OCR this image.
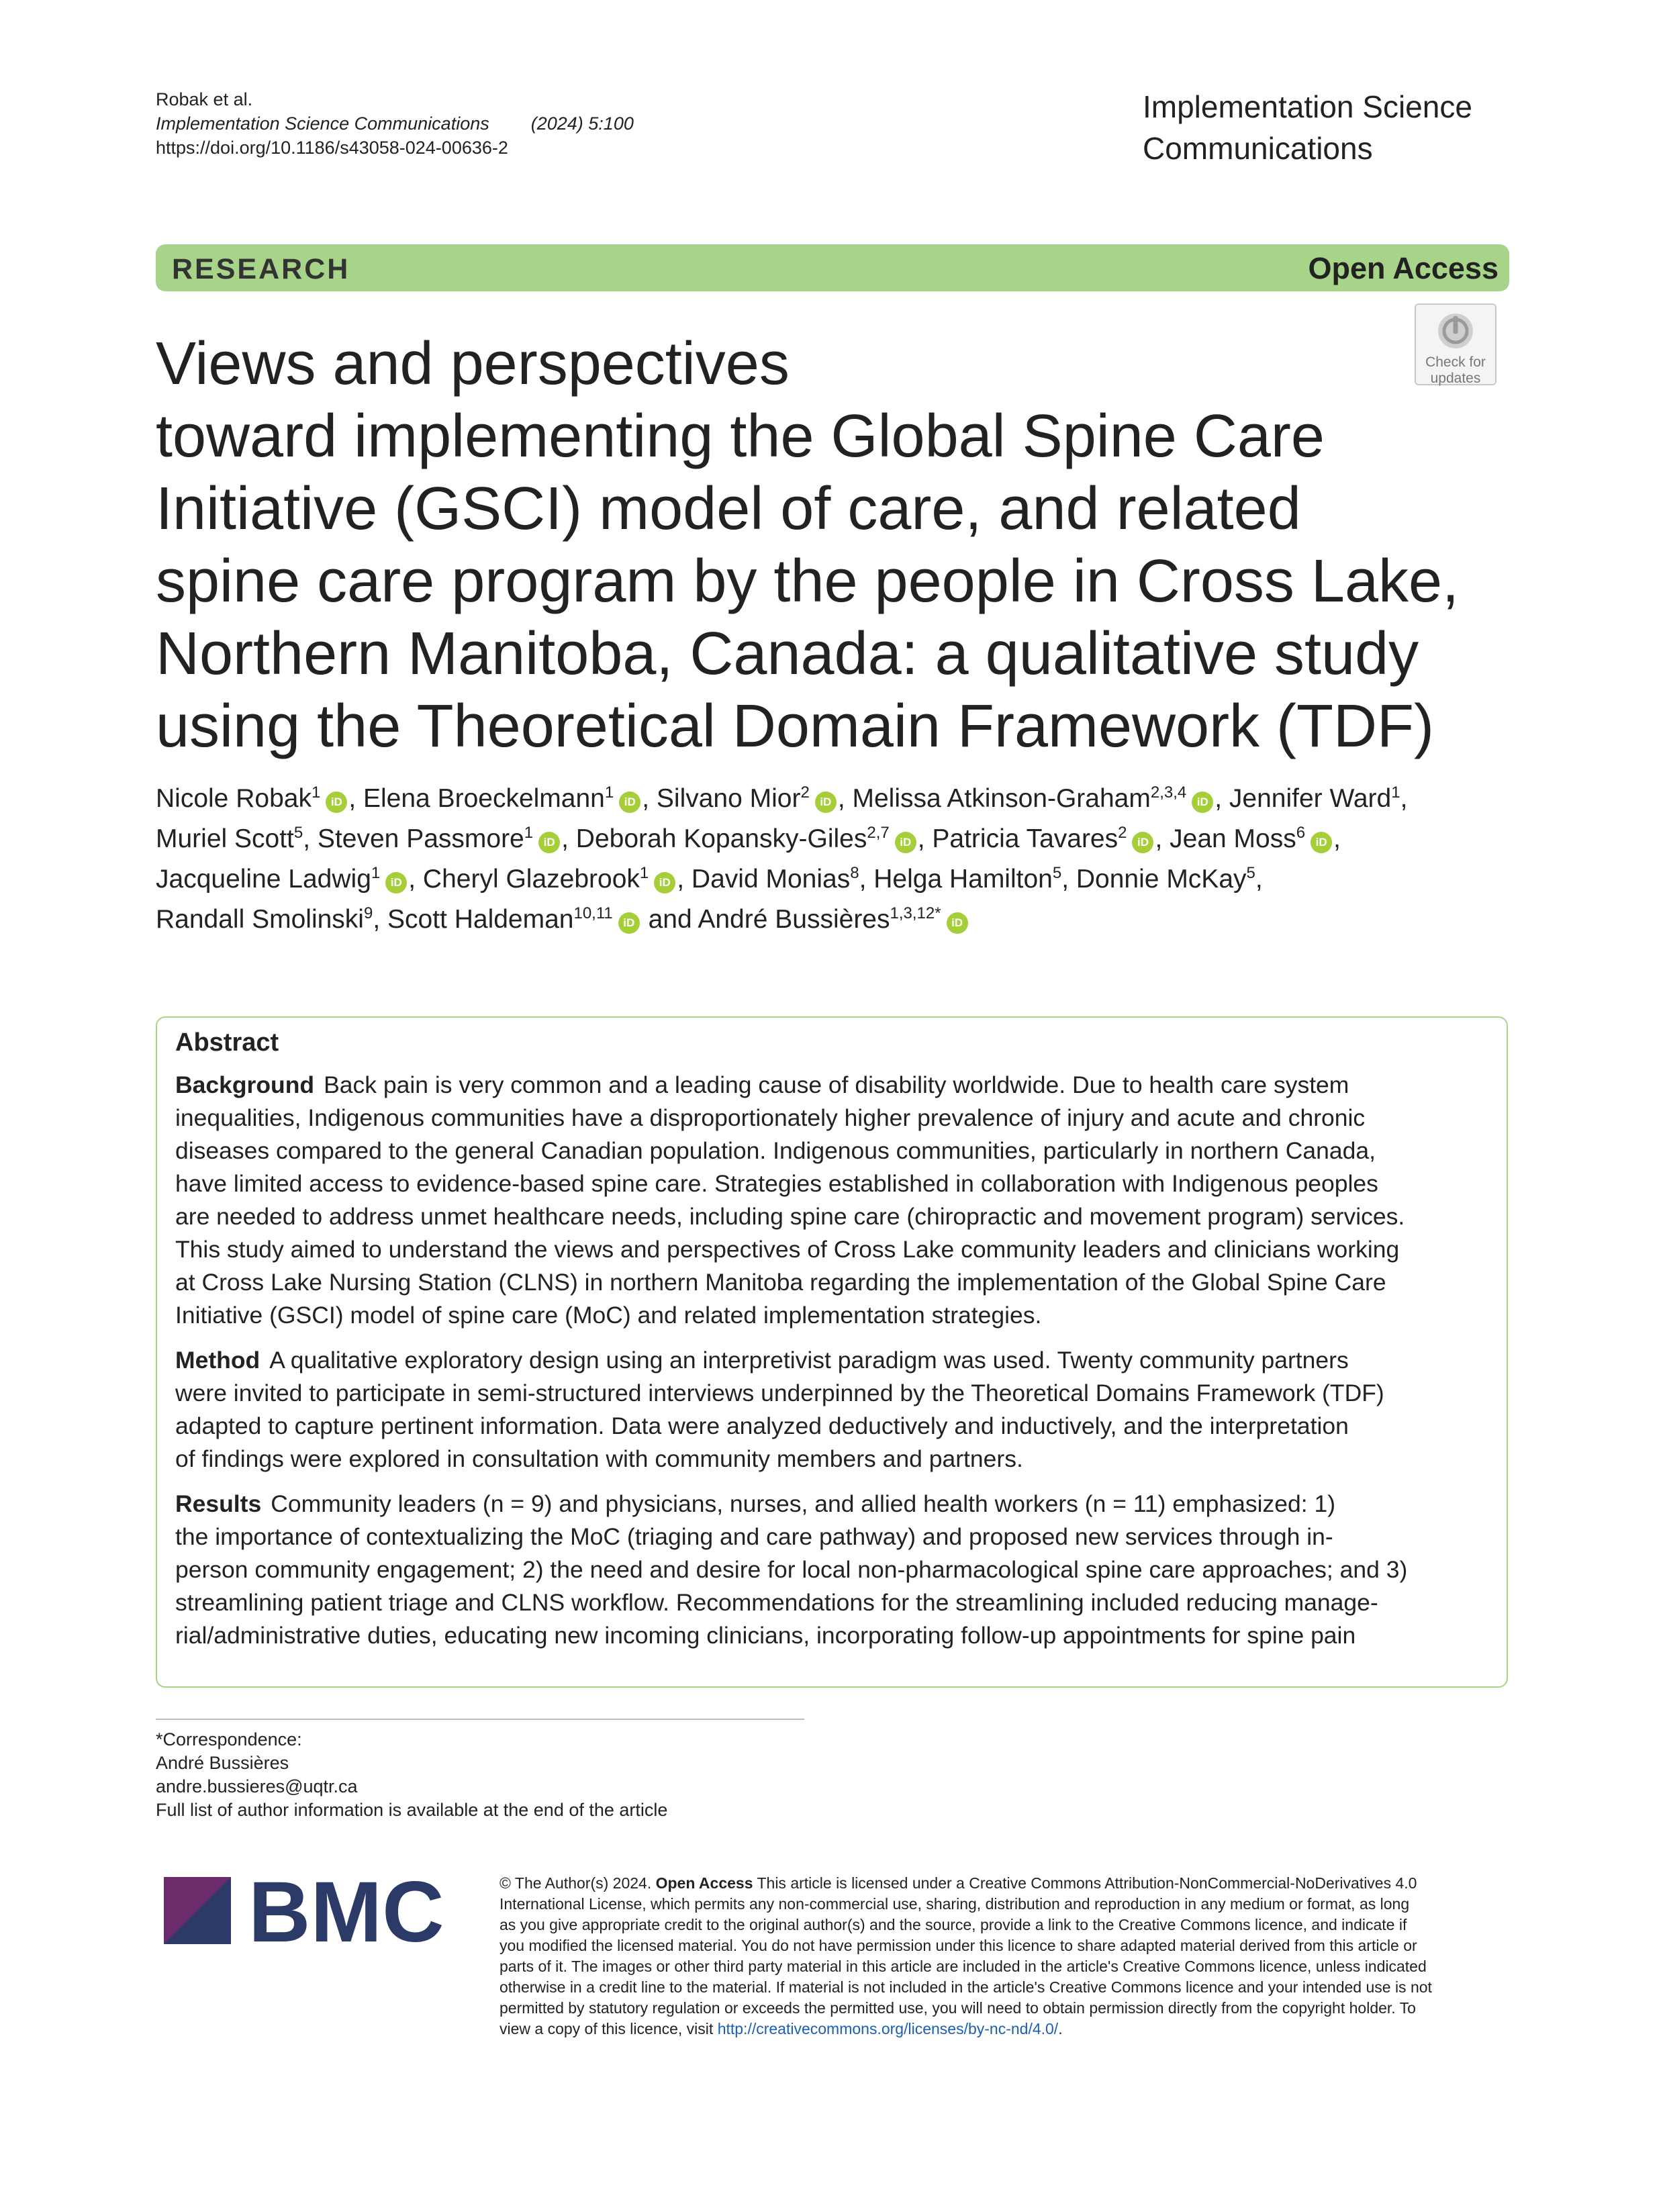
Robak et al.
Implementation Science Communications (2024) 5:100
https://doi.org/10.1186/s43058-024-00636-2
Implementation Science
Communications
RESEARCH	Open Access
Check for
updates
Views and perspectives
toward implementing the Global Spine Care
Initiative (GSCI) model of care, and related
spine care program by the people in Cross Lake,
Northern Manitoba, Canada: a qualitative study
using the Theoretical Domain Framework (TDF)
Nicole Robak$^1$iD , Elena Broeckelmann$^1$iD , Silvano Mior$^2$iD , Melissa Atkinson-Graham$^{2,3,4}$iD , Jennifer Ward$^1$,
Muriel Scott$^5$, Steven Passmore$^1$iD , Deborah Kopansky-Giles$^{2,7}$iD , Patricia Tavares$^2$iD , Jean Moss$^6$iD ,
Jacqueline Ladwig$^1$iD , Cheryl Glazebrook$^1$iD , David Monias$^8$, Helga Hamilton$^5$, Donnie McKay$^5$,
Randall Smolinski$^9$, Scott Haldeman$^{10,11}$iD and André Bussières$^{1,3,12*}$iD
Abstract
Background Back pain is very common and a leading cause of disability worldwide. Due to health care system
inequalities, Indigenous communities have a disproportionately higher prevalence of injury and acute and chronic
diseases compared to the general Canadian population. Indigenous communities, particularly in northern Canada,
have limited access to evidence-based spine care. Strategies established in collaboration with Indigenous peoples
are needed to address unmet healthcare needs, including spine care (chiropractic and movement program) services.
This study aimed to understand the views and perspectives of Cross Lake community leaders and clinicians working
at Cross Lake Nursing Station (CLNS) in northern Manitoba regarding the implementation of the Global Spine Care
Initiative (GSCI) model of spine care (MoC) and related implementation strategies.
Method A qualitative exploratory design using an interpretivist paradigm was used. Twenty community partners
were invited to participate in semi-structured interviews underpinned by the Theoretical Domains Framework (TDF)
adapted to capture pertinent information. Data were analyzed deductively and inductively, and the interpretation
of findings were explored in consultation with community members and partners.
Results Community leaders (n = 9) and physicians, nurses, and allied health workers (n = 11) emphasized: 1)
the importance of contextualizing the MoC (triaging and care pathway) and proposed new services through in-
person community engagement; 2) the need and desire for local non-pharmacological spine care approaches; and 3)
streamlining patient triage and CLNS workflow. Recommendations for the streamlining included reducing manage-
rial/administrative duties, educating new incoming clinicians, incorporating follow-up appointments for spine pain
*Correspondence:
André Bussières
andre.bussieres@uqtr.ca
Full list of author information is available at the end of the article
BMC	© The Author(s) 2024. Open Access This article is licensed under a Creative Commons Attribution-NonCommercial-NoDerivatives 4.0
International License, which permits any non-commercial use, sharing, distribution and reproduction in any medium or format, as long
as you give appropriate credit to the original author(s) and the source, provide a link to the Creative Commons licence, and indicate if
you modified the licensed material. You do not have permission under this licence to share adapted material derived from this article or
parts of it. The images or other third party material in this article are included in the article's Creative Commons licence, unless indicated
otherwise in a credit line to the material. If material is not included in the article's Creative Commons licence and your intended use is not
permitted by statutory regulation or exceeds the permitted use, you will need to obtain permission directly from the copyright holder. To
view a copy of this licence, visit http://creativecommons.org/licenses/by-nc-nd/4.0/.
